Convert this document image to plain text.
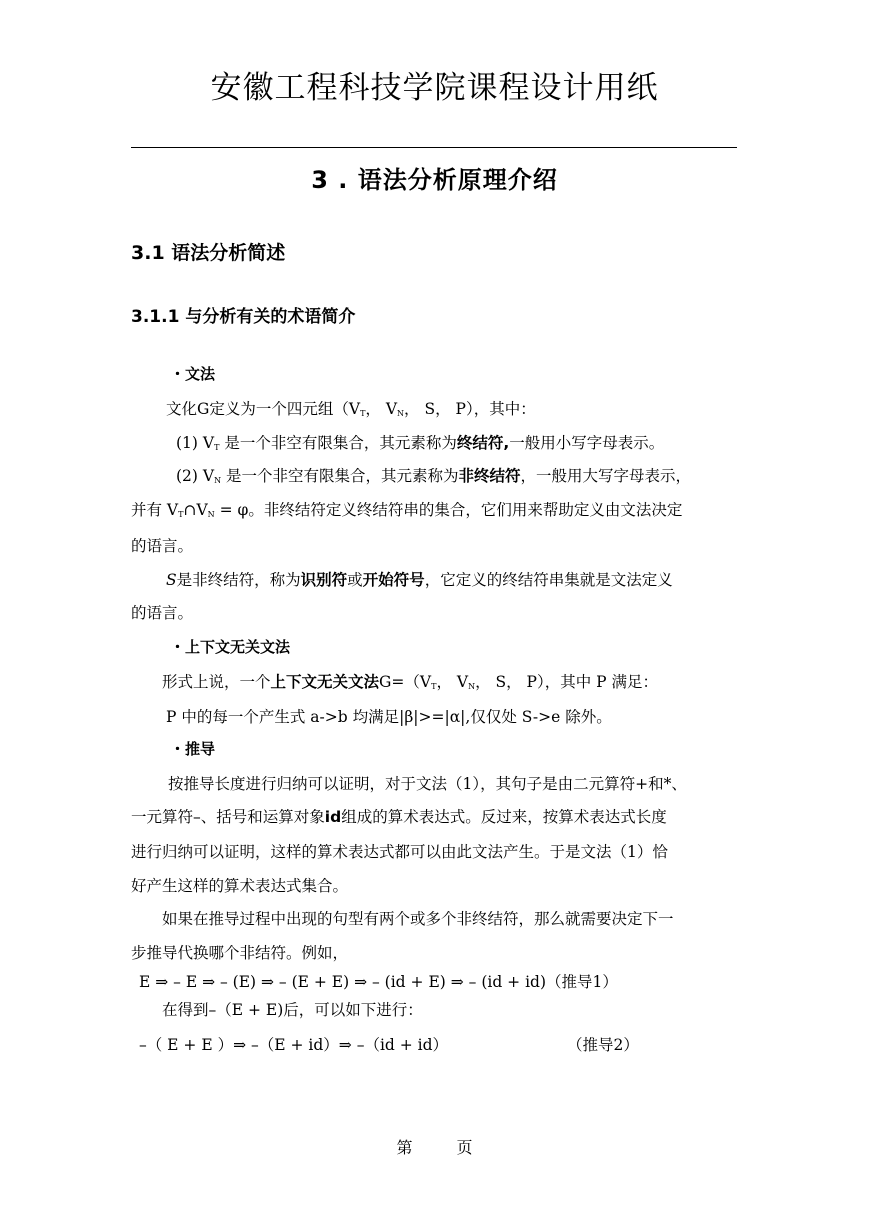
安徽工程科技学院课程设计用纸
3 . 语法分析原理介绍
3.1 语法分析简述
3.1.1 与分析有关的术语简介
・文法
文化G定义为一个四元组（$V_T$， $V_N$， S， P），其中：
(1) $V_T$ 是一个非空有限集合，其元素称为终结符,一般用小写字母表示。
(2) $V_N$ 是一个非空有限集合，其元素称为非终结符，一般用大写字母表示，
并有 $V_T\cap V_N = \varphi$。非终结符定义终结符串的集合，它们用来帮助定义由文法决定
的语言。
S是非终结符，称为识别符或开始符号，它定义的终结符串集就是文法定义
的语言。
・上下文无关文法
形式上说，一个上下文无关文法$G=(V_T$， $V_N$， S， P），其中 P 满足：
P 中的每一个产生式 a->b 均满足|β|>=|α|,仅仅处 S->e 除外。
・推导
按推导长度进行归纳可以证明，对于文法（1），其句子是由二元算符+和*、
一元算符–、括号和运算对象id组成的算术表达式。反过来，按算术表达式长度
进行归纳可以证明，这样的算术表达式都可以由此文法产生。于是文法（1）恰
好产生这样的算术表达式集合。
如果在推导过程中出现的句型有两个或多个非终结符，那么就需要决定下一
步推导代换哪个非结符。例如，
E ⇒ – E ⇒ – (E) ⇒ – (E + E) ⇒ – (id + E) ⇒ – (id + id)（推导1）
在得到–（E + E)后，可以如下进行：
–（ E + E ）⇒ –（E + id）⇒ –（id + id）	（推导2）
第	页
